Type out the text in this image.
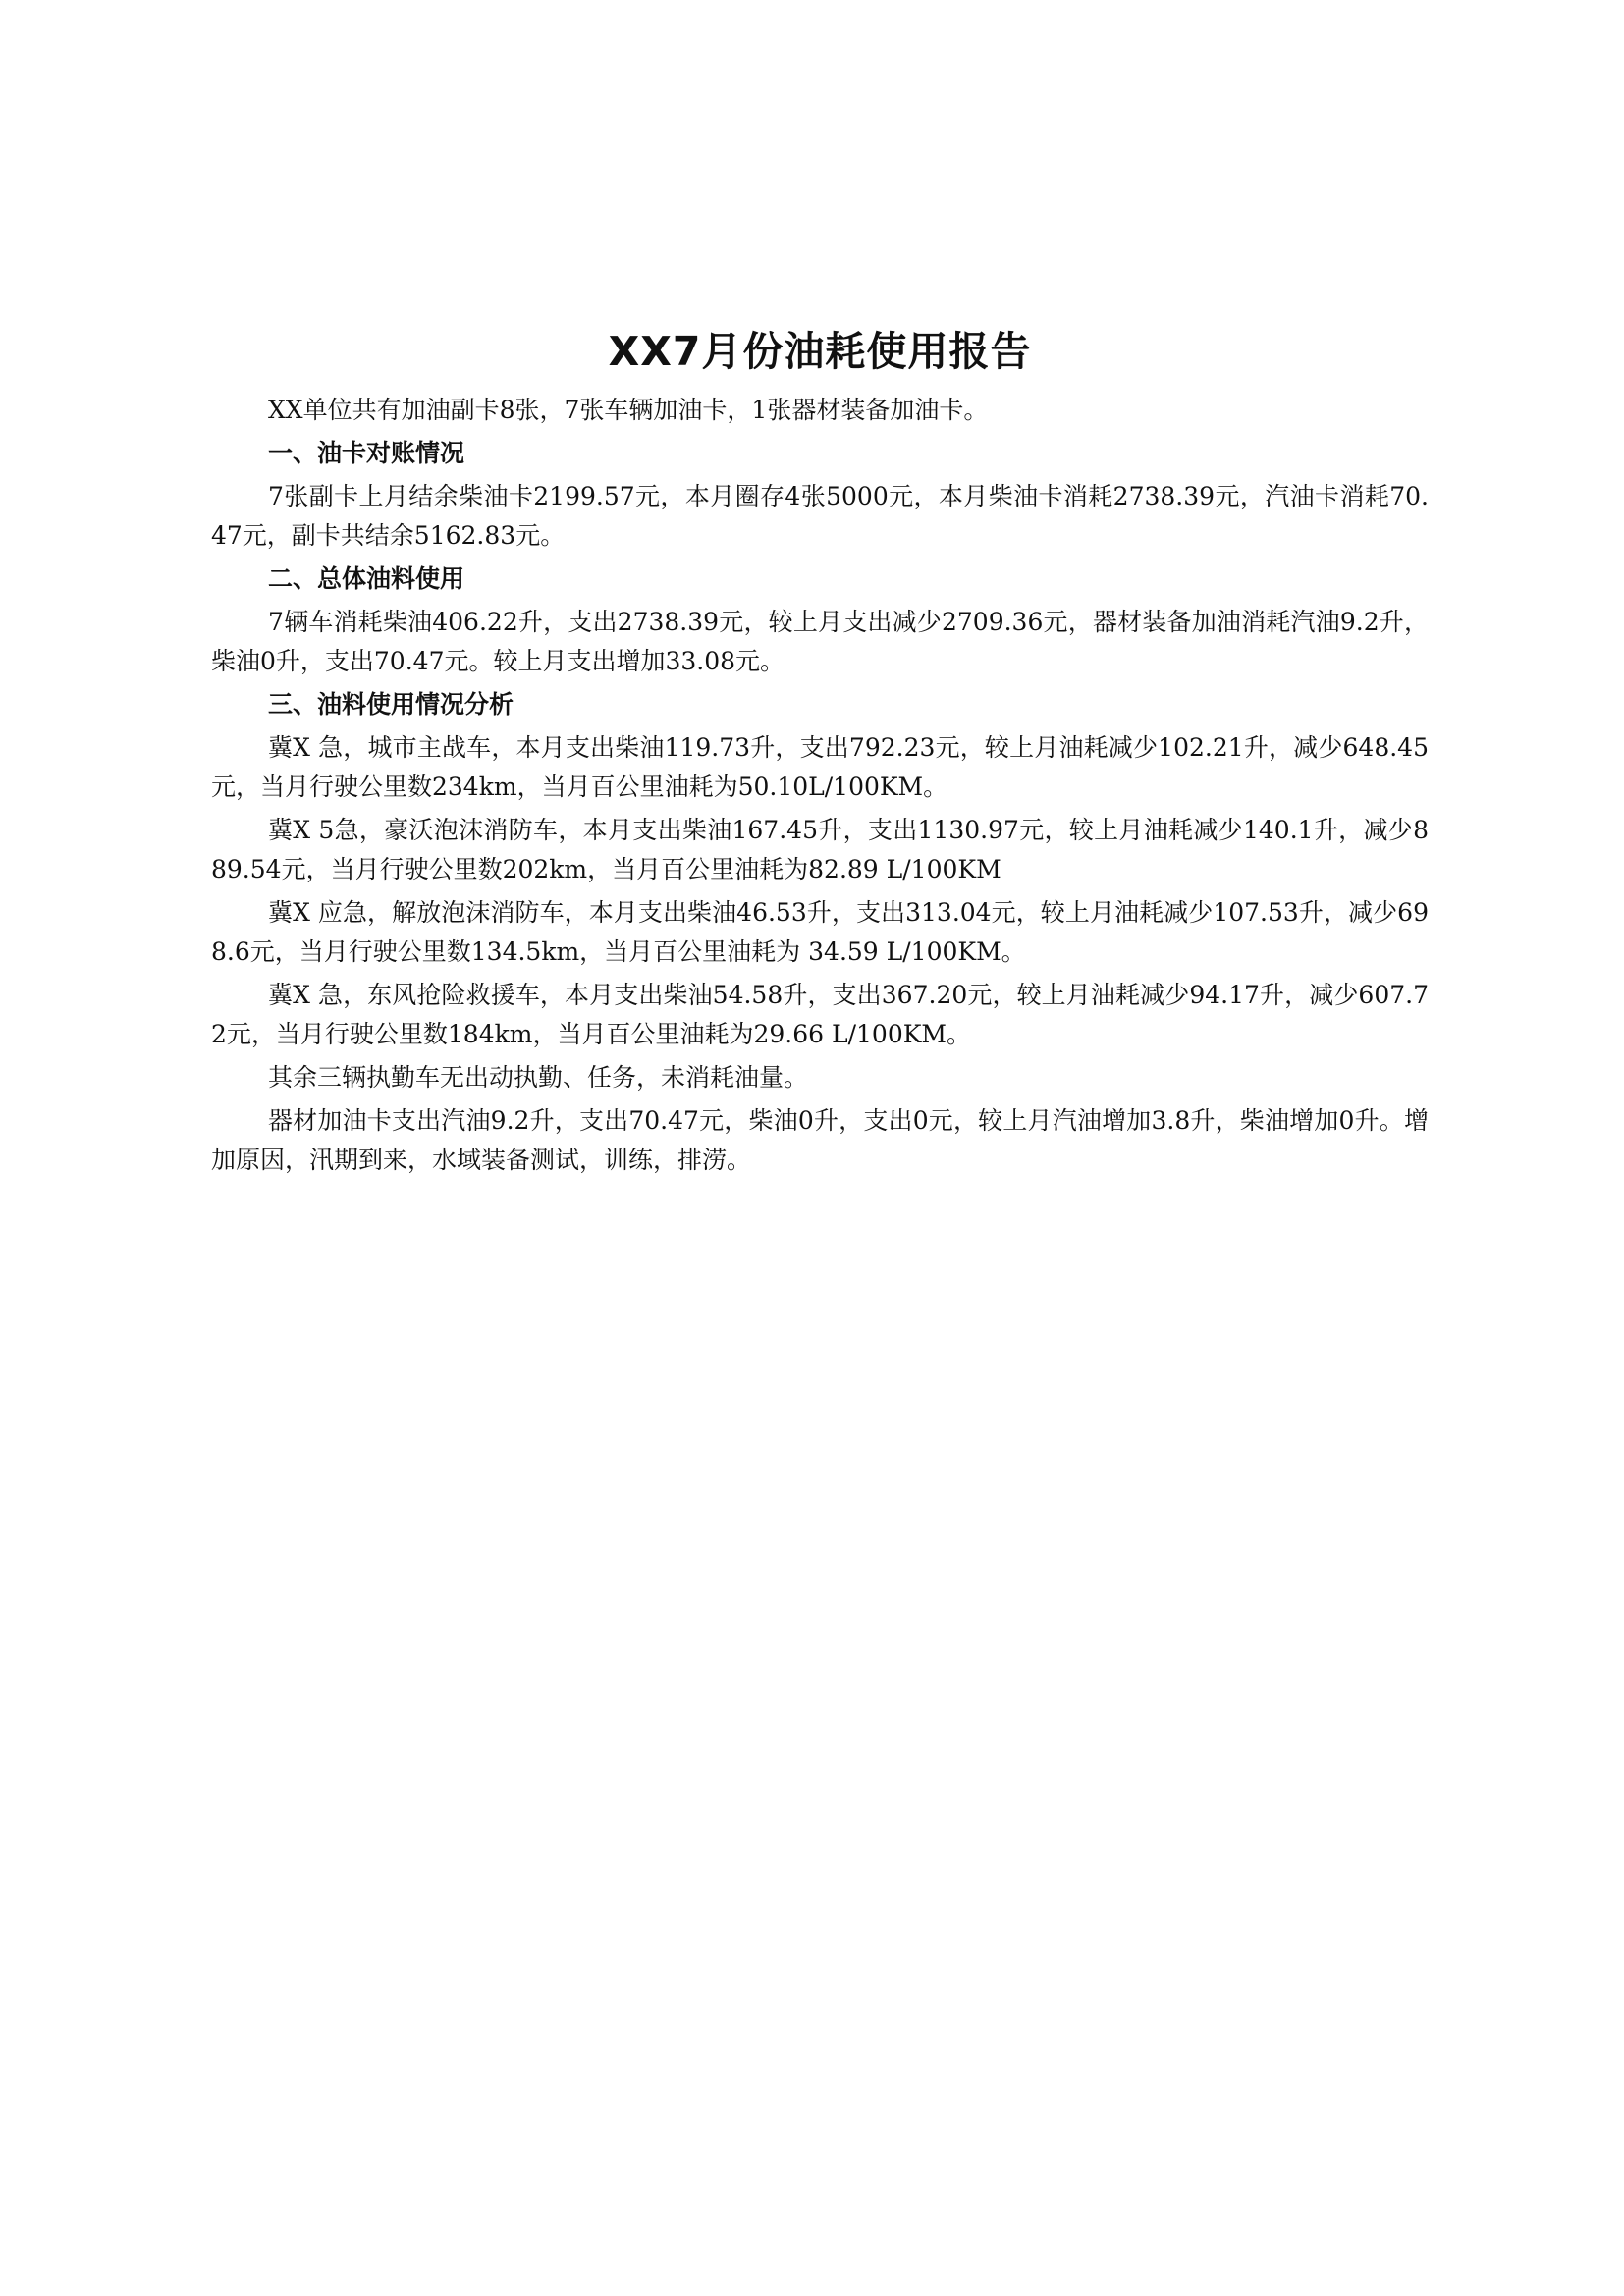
XX7月份油耗使用报告

XX单位共有加油副卡8张，7张车辆加油卡，1张器材装备加油卡。

一、油卡对账情况

7张副卡上月结余柴油卡2199.57元，本月圈存4张5000元，本月柴油卡消耗2738.39元，汽油卡消耗70.47元，副卡共结余5162.83元。

二、总体油料使用

7辆车消耗柴油406.22升，支出2738.39元，较上月支出减少2709.36元，器材装备加油消耗汽油9.2升，柴油0升，支出70.47元。较上月支出增加33.08元。

三、油料使用情况分析

冀X 急，城市主战车，本月支出柴油119.73升，支出792.23元，较上月油耗减少102.21升，减少648.45元，当月行驶公里数234km，当月百公里油耗为50.10L/100KM。

冀X 5急，豪沃泡沫消防车，本月支出柴油167.45升，支出1130.97元，较上月油耗减少140.1升，减少889.54元，当月行驶公里数202km，当月百公里油耗为82.89 L/100KM

冀X 应急，解放泡沫消防车，本月支出柴油46.53升，支出313.04元，较上月油耗减少107.53升，减少698.6元，当月行驶公里数134.5km，当月百公里油耗为 34.59 L/100KM。

冀X 急，东风抢险救援车，本月支出柴油54.58升，支出367.20元，较上月油耗减少94.17升，减少607.72元，当月行驶公里数184km，当月百公里油耗为29.66 L/100KM。

其余三辆执勤车无出动执勤、任务，未消耗油量。

器材加油卡支出汽油9.2升，支出70.47元，柴油0升，支出0元，较上月汽油增加3.8升，柴油增加0升。增加原因，汛期到来，水域装备测试，训练，排涝。
